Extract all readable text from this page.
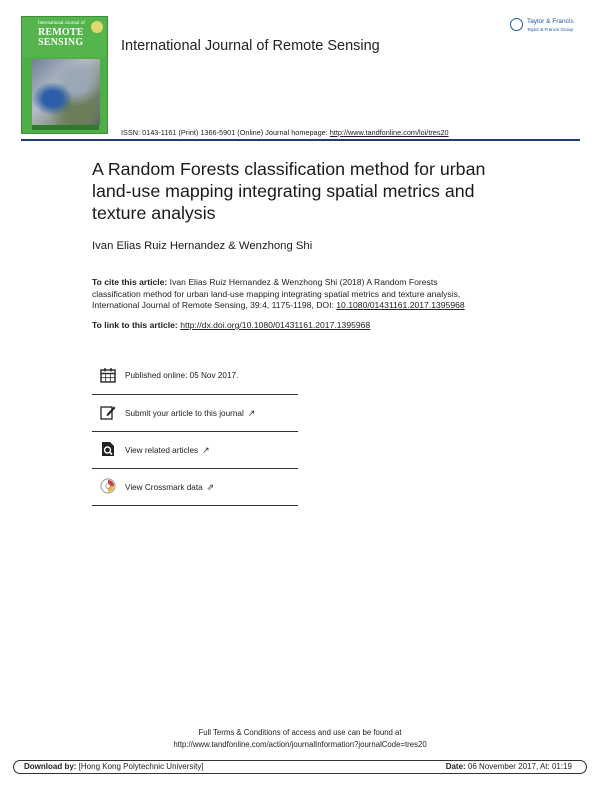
International Journal of
REMOTE
SENSING	International Journal of Remote Sensing
Taylor & Francis
Taylor & Francis Group
ISSN: 0143-1161 (Print) 1366-5901 (Online) Journal homepage: http://www.tandfonline.com/loi/tres20
A Random Forests classification method for urban
land-use mapping integrating spatial metrics and
texture analysis
Ivan Elias Ruiz Hernandez & Wenzhong Shi
To cite this article: Ivan Elias Ruiz Hernandez & Wenzhong Shi (2018) A Random Forests
classification method for urban land-use mapping integrating spatial metrics and texture analysis,
International Journal of Remote Sensing, 39:4, 1175-1198, DOI: 10.1080/01431161.2017.1395968
To link to this article: http://dx.doi.org/10.1080/01431161.2017.1395968
Published online: 05 Nov 2017.
Submit your article to this journal ↗
View related articles ↗
View Crossmark data ⇗
Full Terms & Conditions of access and use can be found at
http://www.tandfonline.com/action/journalInformation?journalCode=tres20
Download by: [Hong Kong Polytechnic University]	Date: 06 November 2017, At: 01:19
